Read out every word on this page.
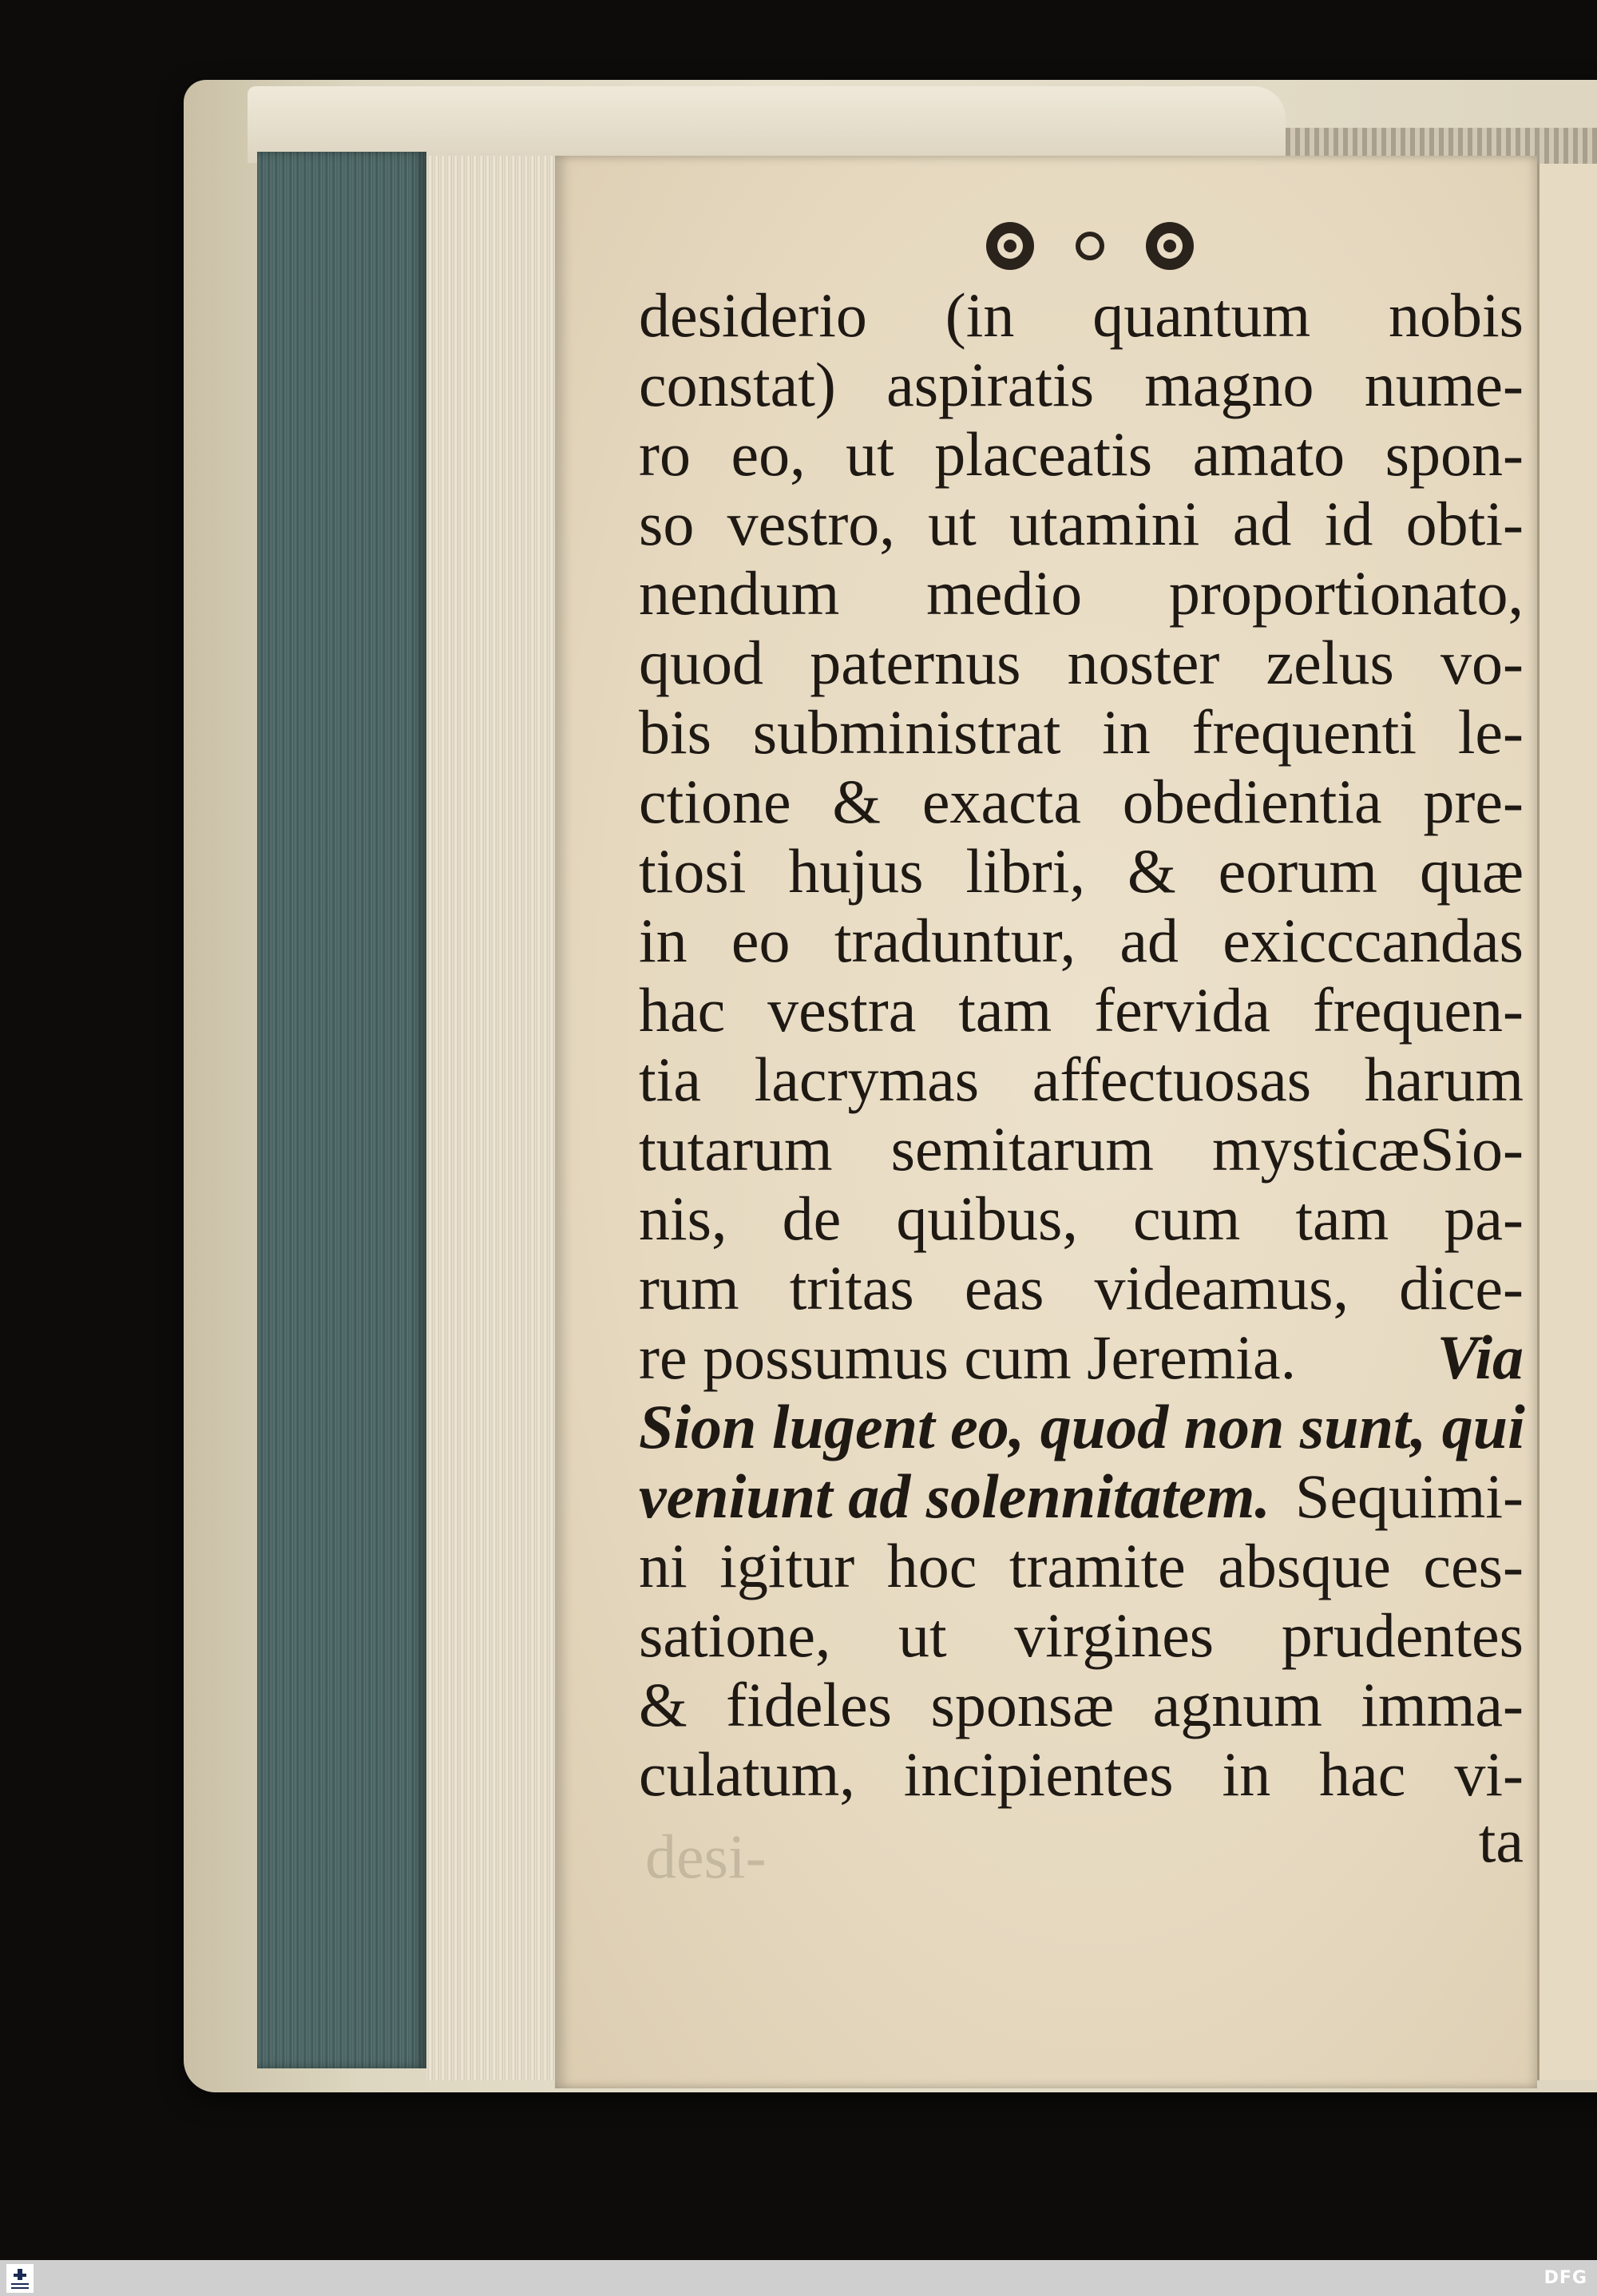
desiderio (in quantum nobis
constat) aspiratis magno nume-
ro eo, ut placeatis amato spon-
so vestro, ut utamini ad id obti-
nendum medio proportionato,
quod paternus noster zelus vo-
bis subministrat in frequenti le-
ctione & exacta obedientia pre-
tiosi hujus libri, & eorum quæ
in eo traduntur, ad exicccandas
hac vestra tam fervida frequen-
tia lacrymas affectuosas harum
tutarum semitarum mysticæSio-
nis, de quibus, cum tam pa-
rum tritas eas videamus, dice-
re possumus cum Jeremia. Via
Sion lugent eo, quod non sunt, qui
veniunt ad solennitatem. Sequimi-
ni igitur hoc tramite absque ces-
satione, ut virgines prudentes
& fideles sponsæ agnum imma-
culatum, incipientes in hac vi-
ta
desi-
DFG
